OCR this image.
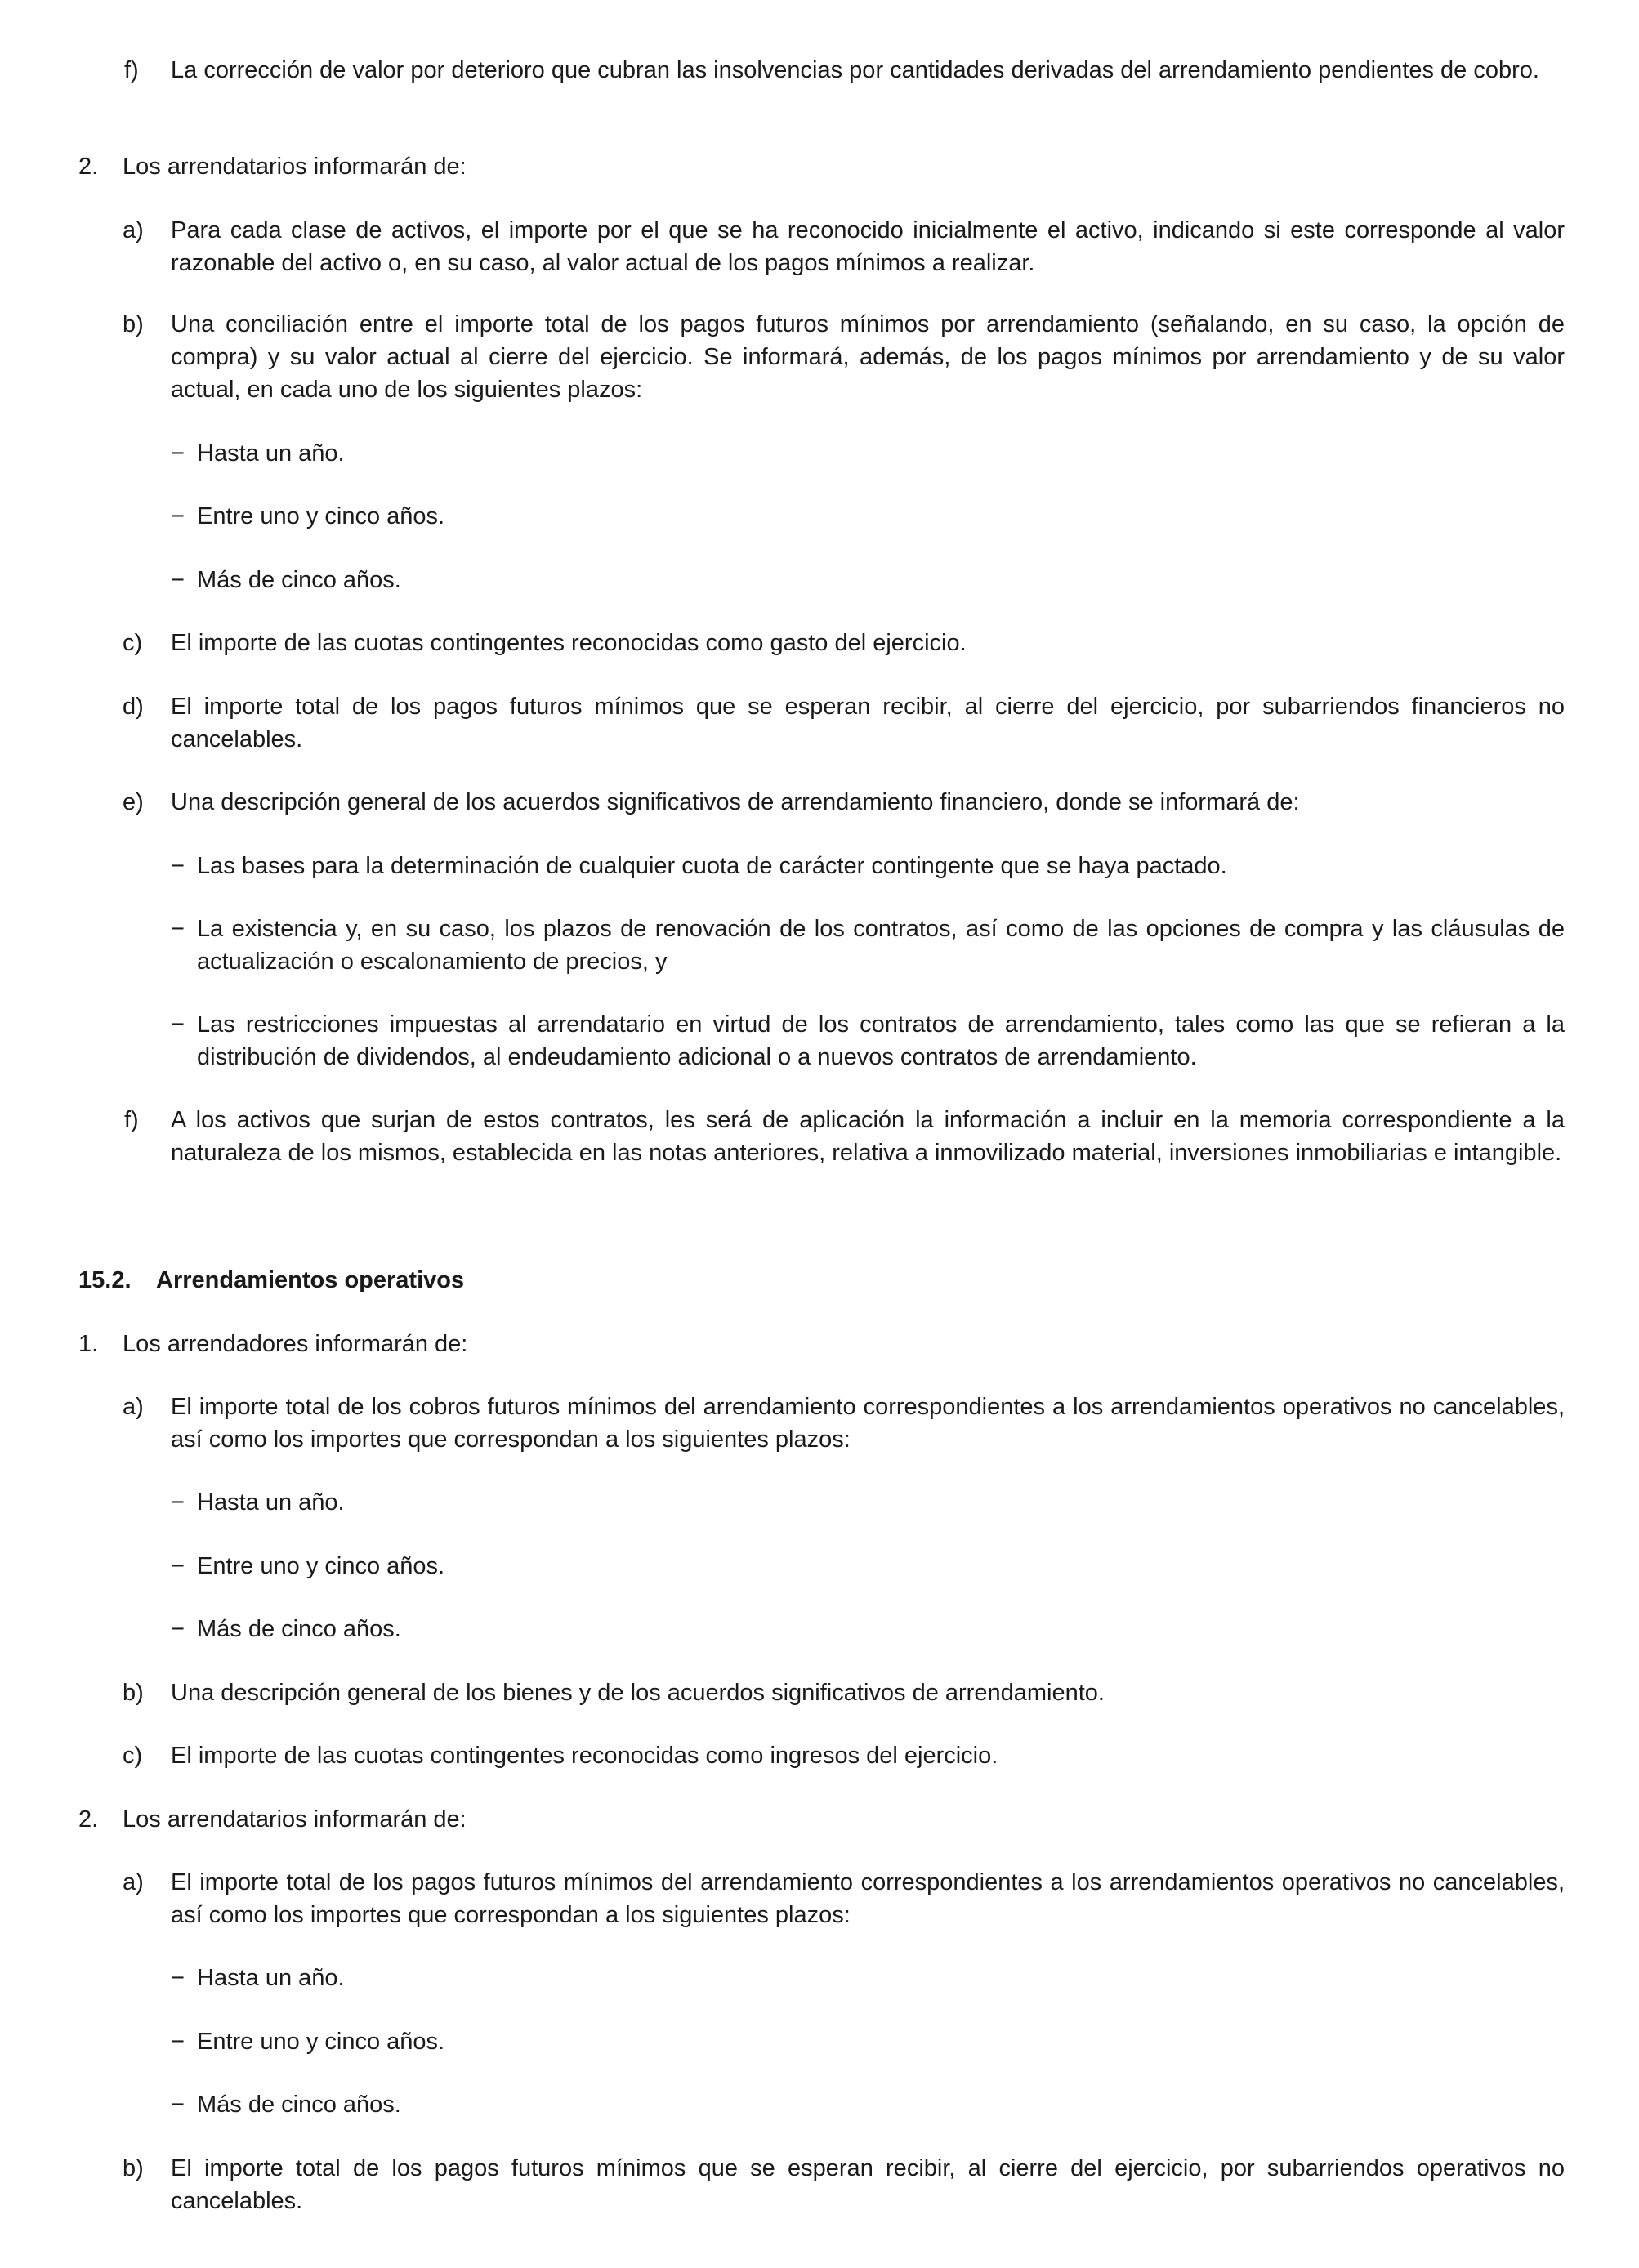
f) La corrección de valor por deterioro que cubran las insolvencias por cantidades derivadas del arrendamiento pendientes de cobro.
2. Los arrendatarios informarán de:
a) Para cada clase de activos, el importe por el que se ha reconocido inicialmente el activo, indicando si este corresponde al valor razonable del activo o, en su caso, al valor actual de los pagos mínimos a realizar.
b) Una conciliación entre el importe total de los pagos futuros mínimos por arrendamiento (señalando, en su caso, la opción de compra) y su valor actual al cierre del ejercicio. Se informará, además, de los pagos mínimos por arrendamiento y de su valor actual, en cada uno de los siguientes plazos:
− Hasta un año.
− Entre uno y cinco años.
− Más de cinco años.
c) El importe de las cuotas contingentes reconocidas como gasto del ejercicio.
d) El importe total de los pagos futuros mínimos que se esperan recibir, al cierre del ejercicio, por subarriendos financieros no cancelables.
e) Una descripción general de los acuerdos significativos de arrendamiento financiero, donde se informará de:
− Las bases para la determinación de cualquier cuota de carácter contingente que se haya pactado.
− La existencia y, en su caso, los plazos de renovación de los contratos, así como de las opciones de compra y las cláusulas de actualización o escalonamiento de precios, y
− Las restricciones impuestas al arrendatario en virtud de los contratos de arrendamiento, tales como las que se refieran a la distribución de dividendos, al endeudamiento adicional o a nuevos contratos de arrendamiento.
f) A los activos que surjan de estos contratos, les será de aplicación la información a incluir en la memoria correspondiente a la naturaleza de los mismos, establecida en las notas anteriores, relativa a inmovilizado material, inversiones inmobiliarias e intangible.
15.2. Arrendamientos operativos
1. Los arrendadores informarán de:
a) El importe total de los cobros futuros mínimos del arrendamiento correspondientes a los arrendamientos operativos no cancelables, así como los importes que correspondan a los siguientes plazos:
− Hasta un año.
− Entre uno y cinco años.
− Más de cinco años.
b) Una descripción general de los bienes y de los acuerdos significativos de arrendamiento.
c) El importe de las cuotas contingentes reconocidas como ingresos del ejercicio.
2. Los arrendatarios informarán de:
a) El importe total de los pagos futuros mínimos del arrendamiento correspondientes a los arrendamientos operativos no cancelables, así como los importes que correspondan a los siguientes plazos:
− Hasta un año.
− Entre uno y cinco años.
− Más de cinco años.
b) El importe total de los pagos futuros mínimos que se esperan recibir, al cierre del ejercicio, por subarriendos operativos no cancelables.
